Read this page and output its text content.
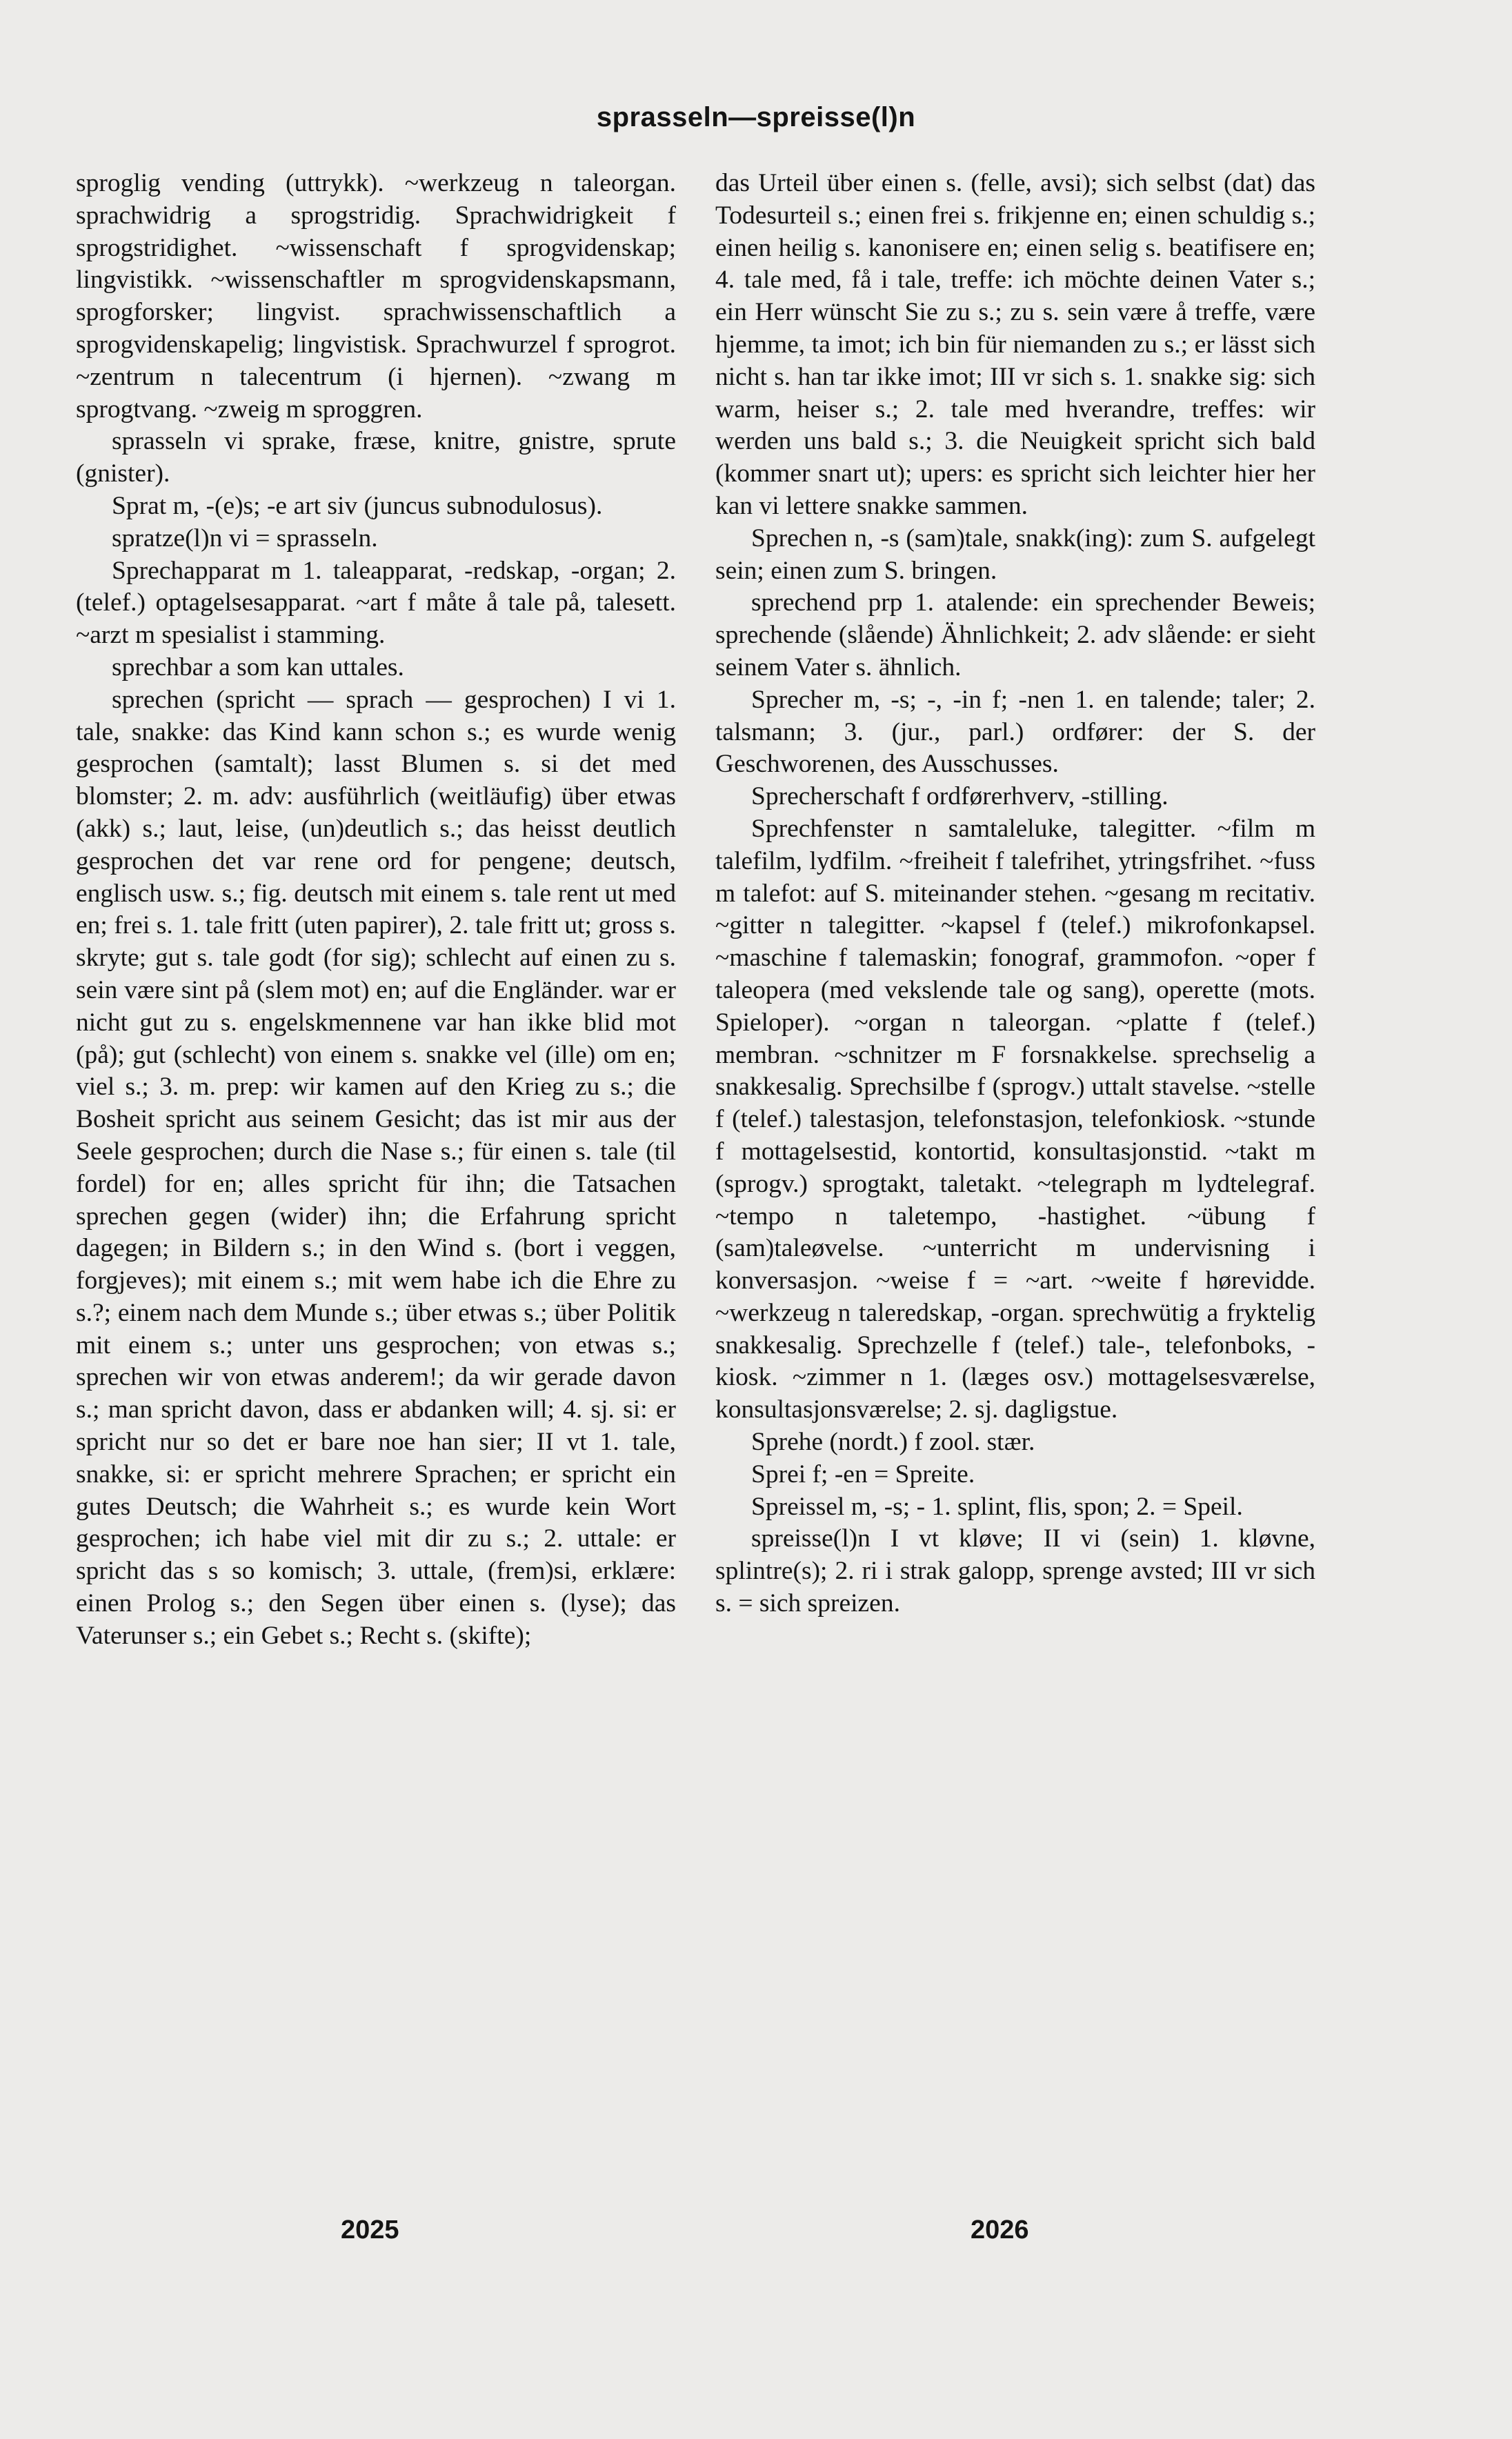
sprasseln—spreisse(l)n

sproglig vending (uttrykk). ~werkzeug n taleorgan. sprachwidrig a sprogstridig. Sprachwidrigkeit f sprogstridighet. ~wissenschaft f sprogvidenskap; lingvistikk. ~wissenschaftler m sprogvidenskapsmann, sprogforsker; lingvist. sprachwissenschaftlich a sprogvidenskapelig; lingvistisk. Sprachwurzel f sprogrot. ~zentrum n talecentrum (i hjernen). ~zwang m sprogtvang. ~zweig m sproggren.

sprasseln vi sprake, fræse, knitre, gnistre, sprute (gnister).

Sprat m, -(e)s; -e art siv (juncus subnodulosus).

spratze(l)n vi = sprasseln.

Sprechapparat m 1. taleapparat, -redskap, -organ; 2. (telef.) optagelsesapparat. ~art f måte å tale på, talesett. ~arzt m spesialist i stamming.

sprechbar a som kan uttales.

sprechen (spricht — sprach — gesprochen) I vi 1. tale, snakke: das Kind kann schon s.; es wurde wenig gesprochen (samtalt); lasst Blumen s. si det med blomster; 2. m. adv: ausführlich (weitläufig) über etwas (akk) s.; laut, leise, (un)deutlich s.; das heisst deutlich gesprochen det var rene ord for pengene; deutsch, englisch usw. s.; fig. deutsch mit einem s. tale rent ut med en; frei s. 1. tale fritt (uten papirer), 2. tale fritt ut; gross s. skryte; gut s. tale godt (for sig); schlecht auf einen zu s. sein være sint på (slem mot) en; auf die Engländer. war er nicht gut zu s. engelskmennene var han ikke blid mot (på); gut (schlecht) von einem s. snakke vel (ille) om en; viel s.; 3. m. prep: wir kamen auf den Krieg zu s.; die Bosheit spricht aus seinem Gesicht; das ist mir aus der Seele gesprochen; durch die Nase s.; für einen s. tale (til fordel) for en; alles spricht für ihn; die Tatsachen sprechen gegen (wider) ihn; die Erfahrung spricht dagegen; in Bildern s.; in den Wind s. (bort i veggen, forgjeves); mit einem s.; mit wem habe ich die Ehre zu s.?; einem nach dem Munde s.; über etwas s.; über Politik mit einem s.; unter uns gesprochen; von etwas s.; sprechen wir von etwas anderem!; da wir gerade davon s.; man spricht davon, dass er abdanken will; 4. sj. si: er spricht nur so det er bare noe han sier; II vt 1. tale, snakke, si: er spricht mehrere Sprachen; er spricht ein gutes Deutsch; die Wahrheit s.; es wurde kein Wort gesprochen; ich habe viel mit dir zu s.; 2. uttale: er spricht das s so komisch; 3. uttale, (frem)si, erklære: einen Prolog s.; den Segen über einen s. (lyse); das Vaterunser s.; ein Gebet s.; Recht s. (skifte);

das Urteil über einen s. (felle, avsi); sich selbst (dat) das Todesurteil s.; einen frei s. frikjenne en; einen schuldig s.; einen heilig s. kanonisere en; einen selig s. beatifisere en; 4. tale med, få i tale, treffe: ich möchte deinen Vater s.; ein Herr wünscht Sie zu s.; zu s. sein være å treffe, være hjemme, ta imot; ich bin für niemanden zu s.; er lässt sich nicht s. han tar ikke imot; III vr sich s. 1. snakke sig: sich warm, heiser s.; 2. tale med hverandre, treffes: wir werden uns bald s.; 3. die Neuigkeit spricht sich bald (kommer snart ut); upers: es spricht sich leichter hier her kan vi lettere snakke sammen.

Sprechen n, -s (sam)tale, snakk(ing): zum S. aufgelegt sein; einen zum S. bringen.

sprechend prp 1. atalende: ein sprechender Beweis; sprechende (slående) Ähnlichkeit; 2. adv slående: er sieht seinem Vater s. ähnlich.

Sprecher m, -s; -, -in f; -nen 1. en talende; taler; 2. talsmann; 3. (jur., parl.) ordfører: der S. der Geschworenen, des Ausschusses.

Sprecherschaft f ordførerhverv, -stilling.

Sprechfenster n samtaleluke, talegitter. ~film m talefilm, lydfilm. ~freiheit f talefrihet, ytringsfrihet. ~fuss m talefot: auf S. miteinander stehen. ~gesang m recitativ. ~gitter n talegitter. ~kapsel f (telef.) mikrofonkapsel. ~maschine f talemaskin; fonograf, grammofon. ~oper f taleopera (med vekslende tale og sang), operette (mots. Spieloper). ~organ n taleorgan. ~platte f (telef.) membran. ~schnitzer m F forsnakkelse. sprechselig a snakkesalig. Sprechsilbe f (sprogv.) uttalt stavelse. ~stelle f (telef.) talestasjon, telefonstasjon, telefonkiosk. ~stunde f mottagelsestid, kontortid, konsultasjonstid. ~takt m (sprogv.) sprogtakt, taletakt. ~telegraph m lydtelegraf. ~tempo n taletempo, -hastighet. ~übung f (sam)taleøvelse. ~unterricht m undervisning i konversasjon. ~weise f = ~art. ~weite f hørevidde. ~werkzeug n taleredskap, -organ. sprechwütig a fryktelig snakkesalig. Sprechzelle f (telef.) tale-, telefonboks, -kiosk. ~zimmer n 1. (læges osv.) mottagelsesværelse, konsultasjonsværelse; 2. sj. dagligstue.

Sprehe (nordt.) f zool. stær.

Sprei f; -en = Spreite.

Spreissel m, -s; - 1. splint, flis, spon; 2. = Speil.

spreisse(l)n I vt kløve; II vi (sein) 1. kløvne, splintre(s); 2. ri i strak galopp, sprenge avsted; III vr sich s. = sich spreizen.

2025	2026
